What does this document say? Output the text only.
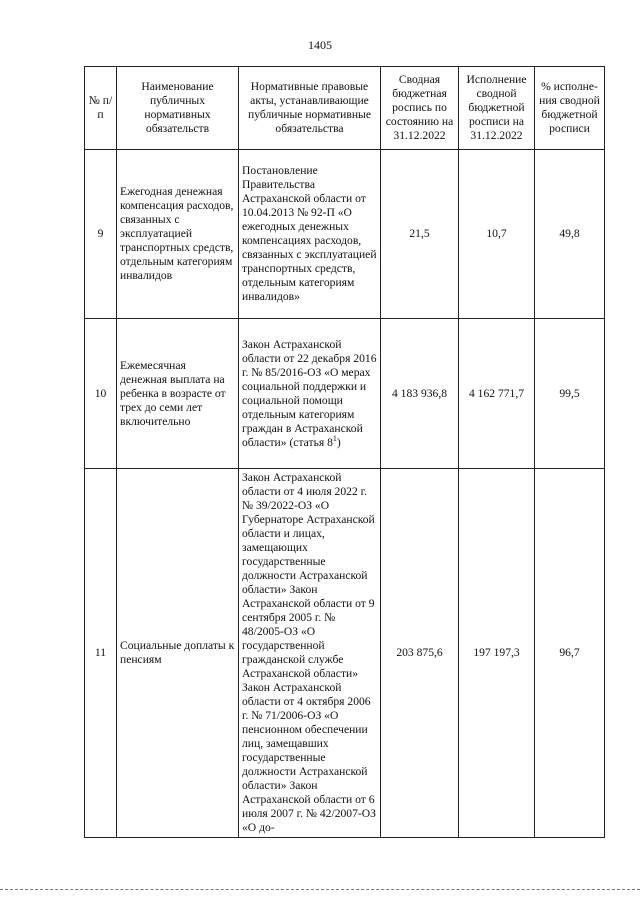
1405
№ п/п	Наименование публичных нормативных обязательств	Нормативные правовые акты, устанавливающие публичные нормативные обязательства	Сводная бюджетная роспись по состоянию на 31.12.2022	Исполнение сводной бюджетной росписи на 31.12.2022	% исполне-ния сводной бюджетной росписи
9	Ежегодная денежная компенсация расходов, связанных с эксплуатацией транспортных средств, отдельным категориям инвалидов	Постановление Правительства Астраханской области от 10.04.2013 № 92-П «О ежегодных денежных компенсациях расходов, связанных с эксплуатацией транспортных средств, отдельным категориям инвалидов»	21,5	10,7	49,8
10	Ежемесячная денежная выплата на ребенка в возрасте от трех до семи лет включительно	Закон Астраханской области от 22 декабря 2016 г. № 85/2016-ОЗ «О мерах социальной поддержки и социальной помощи отдельным категориям граждан в Астраханской области» (статья $8^1$)	4 183 936,8	4 162 771,7	99,5
11	Социальные доплаты к пенсиям	Закон Астраханской области от 4 июля 2022 г. № 39/2022-ОЗ «О Губернаторе Астраханской области и лицах, замещающих государственные должности Астраханской области» Закон Астраханской области от 9 сентября 2005 г. № 48/2005-ОЗ «О государственной гражданской службе Астраханской области» Закон Астраханской области от 4 октября 2006 г. № 71/2006-ОЗ «О пенсионном обеспечении лиц, замещавших государственные должности Астраханской области» Закон Астраханской области от 6 июля 2007 г. № 42/2007-ОЗ «О до-	203 875,6	197 197,3	96,7
